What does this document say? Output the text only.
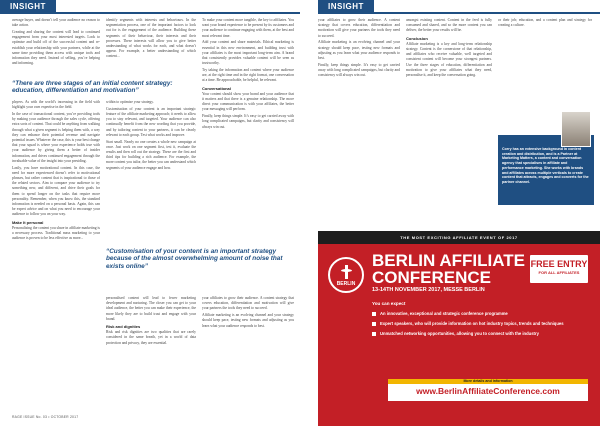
INSIGHT	INSIGHT

average buyer, and doesn’t tell your audience no reason to take action.

Creating and sharing the content will lead to continued engagement from your most interested targets. Look to optimise and build off of the successful content and re-establish your relationship with your partners, while at the same time providing them access with unique tools and information they need. Instead of selling, you’re helping and informing.

“There are three stages of an initial content strategy: education, differentiation and motivation”

players. As with the world’s increasing in the field with highlight your own expertise in the field.

In the case of transactional content, you’re providing tools by making your audience through the sales cycle, offering extra sorts of content. That could be anything from walking through what a given segment is helping them with, a way they can enhance their potential revenue and navigate potential issues. Whatever the case, this is your best change that your squad is where your experience holds true with your audience by giving them a better of insider information, and drives continued engagement through the invaluable value of the insight into your presiding.

Lastly, you have motivational content. In this case, the need for more experienced doesn’t refer to motivational phrases, but rather content that is inspirational to those of the related sectors. Aim to compare your audience to try something new, and different, and drive their goals for them to spend longer on the tasks that require more personality. Remember, when you know this, the standard information is needed on a personal basis. Again, this can be expert advice and on what you need to encourage your audience to follow you on your way.

Make It personal

Personalising the content you share in affiliate marketing is a necessary process. Traditional mass marketing to your audience is proven to be less effective as more...

identify segments with interests and behaviours. In the segmentation process, one of the important factors to look out for is the engagement of the audience. Building these segments of their behaviour, their interests and their processes. These interests will allow you to give better understanding of what works for each, and what doesn’t appear. For example, a better understanding of which content...

within to optimise your strategy.

Customisation of your content is an important strategic feature of the affiliate marketing approach; it needs to allow you to stay relevant, and targeted. Your audience can also continually benefit from the new wording that you provide, and by tailoring content to your partners, it can be clearly relevant to each group. Test what works and improve.

Start small. Nearly no one creates a whole new campaign at once. Just work on one segment first, test it, evaluate the results and then roll out the strategy. These are the first and third tips for building a rich audience. For example, the more content you tailor, the better you can understand which segments of your audience engage and how.

“Customisation of your content is an important strategy because of the almost overwhelming amount of noise that exists online”

personalised content will lead to fewer marketing development and nurturing. The closer you can get to your ideal audience, the better you can make their experience, the more likely they are to build trust and engage with your brand.

Risk and dignities

Risk and risk dignities are two qualities that are rarely considered in the same breath, yet in a world of data protection and privacy, they are essential.

To make your content more tangible, the key to affiliates. You want your brand experience to be present by its customers and your audience to continue engaging with them, at the best and most relevant time.

Add your content and share materials. Ethical marketing is essential in this new environment, and building trust with your affiliates is the most important long-term aim. A brand that consistently provides valuable content will be seen as trustworthy.

Try taking the information and content where your audience are, at the right time and in the right format, one conversation at a time. Be approachable, be helpful, be relevant.

Conversational

Your content should show your brand and your audience that it matters and that there is a genuine relationship. The more direct your communication is with your affiliates, the better your messaging will perform.

Finally, keep things simple. It’s easy to get carried away with long complicated campaigns, but clarity and consistency will always win out.

your affiliates to grow their audience. A content strategy that covers education, differentiation and motivation will give your partners the tools they need to succeed.

Affiliate marketing is an evolving channel and your strategy should keep pace, testing new formats and adjusting as you learn what your audience responds to best.

your affiliates to grow their audience. A content strategy that covers education, differentiation and motivation will give your partners the tools they need to succeed.

Affiliate marketing is an evolving channel and your strategy should keep pace, testing new formats and adjusting as you learn what your audience responds to best.

Finally, keep things simple. It’s easy to get carried away with long complicated campaigns, but clarity and consistency will always win out.

amongst existing content. Content in the feed is fully consumed and shared, and so the more content you can deliver, the better your results will be.

Conclusion

Affiliate marketing is a key and long-term relationship strategy. Content is the cornerstone of that relationship, and affiliates who receive valuable, well targeted and consistent content will become your strongest partners. Use the three stages of education, differentiation and motivation to give your affiliates what they need, personalise it, and keep the conversation going.

or their job; education, and a content plan and strategy for creating a culture.

Corry has an extensive background in content creation and distribution, and is a Partner at Marketing Matters, a content and conversation agency that specialises in affiliate and performance marketing. She works with brands and affiliates across multiple verticals to create content that attracts, engages and converts for the partner channel.
THE MOST EXCITING AFFILIATE EVENT OF 2017
BERLIN
BERLIN AFFILIATE
CONFERENCE
13-14TH NOVEMBER 2017, MESSE BERLIN
FREE ENTRY
FOR ALL AFFILIATES
You can expect
An innovative, exceptional and strategic conference programme
Expert speakers, who will provide information on hot industry topics, trends and techniques
Unmatched networking opportunities, allowing you to connect with the industry
More details and information
www.BerlinAffiliateConference.com
RAGE ISSUE No. 03 • OCTOBER 2017
